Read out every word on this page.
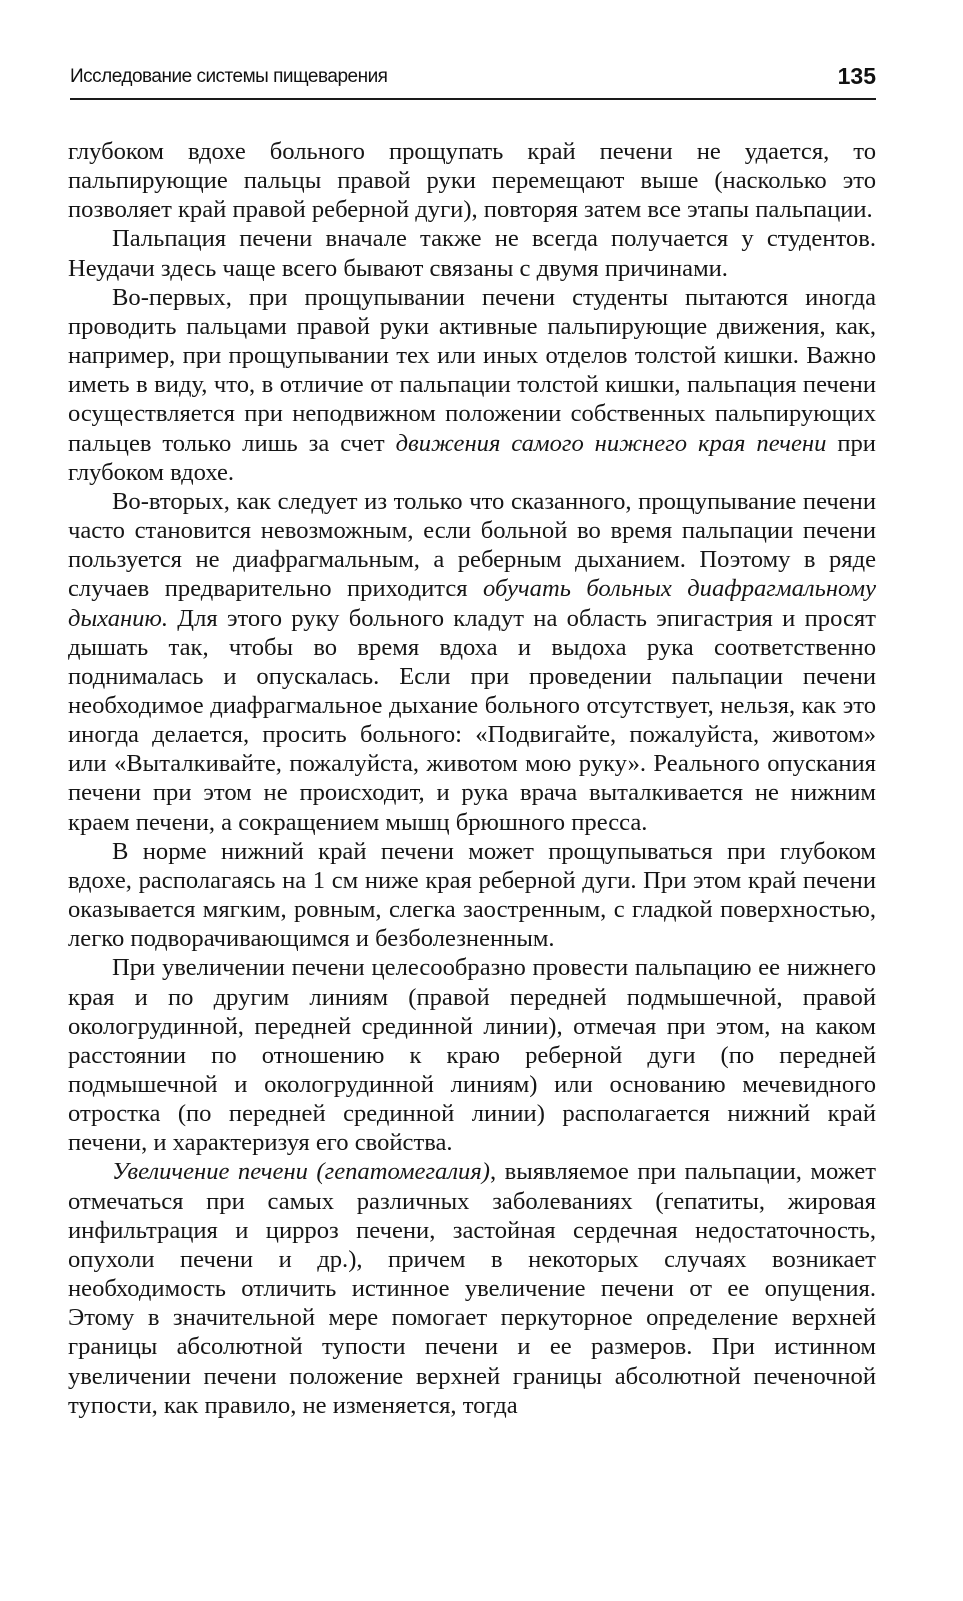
Исследование системы пищеварения	135

глубоком вдохе больного прощупать край печени не удается, то пальпирующие пальцы правой руки перемещают выше (насколько это позволяет край правой реберной дуги), повторяя затем все этапы пальпации.

Пальпация печени вначале также не всегда получается у студентов. Неудачи здесь чаще всего бывают связаны с двумя причинами.

Во-первых, при прощупывании печени студенты пытаются иногда проводить пальцами правой руки активные пальпирующие движения, как, например, при прощупывании тех или иных отделов толстой кишки. Важно иметь в виду, что, в отличие от пальпации толстой кишки, пальпация печени осуществляется при неподвижном положении собственных пальпирующих пальцев только лишь за счет движения самого нижнего края печени при глубоком вдохе.

Во-вторых, как следует из только что сказанного, прощупывание печени часто становится невозможным, если больной во время пальпации печени пользуется не диафрагмальным, а реберным дыханием. Поэтому в ряде случаев предварительно приходится обучать больных диафрагмальному дыханию. Для этого руку больного кладут на область эпигастрия и просят дышать так, чтобы во время вдоха и выдоха рука соответственно поднималась и опускалась. Если при проведении пальпации печени необходимое диафрагмальное дыхание больного отсутствует, нельзя, как это иногда делается, просить больного: «Подвигайте, пожалуйста, животом» или «Выталкивайте, пожалуйста, животом мою руку». Реального опускания печени при этом не происходит, и рука врача выталкивается не нижним краем печени, а сокращением мышц брюшного пресса.

В норме нижний край печени может прощупываться при глубоком вдохе, располагаясь на 1 см ниже края реберной дуги. При этом край печени оказывается мягким, ровным, слегка заостренным, с гладкой поверхностью, легко подворачивающимся и безболезненным.

При увеличении печени целесообразно провести пальпацию ее нижнего края и по другим линиям (правой передней подмышечной, правой окологрудинной, передней срединной линии), отмечая при этом, на каком расстоянии по отношению к краю реберной дуги (по передней подмышечной и окологрудинной линиям) или основанию мечевидного отростка (по передней срединной линии) располагается нижний край печени, и характеризуя его свойства.

Увеличение печени (гепатомегалия), выявляемое при пальпации, может отмечаться при самых различных заболеваниях (гепатиты, жировая инфильтрация и цирроз печени, застойная сердечная недостаточность, опухоли печени и др.), причем в некоторых случаях возникает необходимость отличить истинное увеличение печени от ее опущения. Этому в значительной мере помогает перкуторное определение верхней границы абсолютной тупости печени и ее размеров. При истинном увеличении печени положение верхней границы абсолютной печеночной тупости, как правило, не изменяется, тогда
